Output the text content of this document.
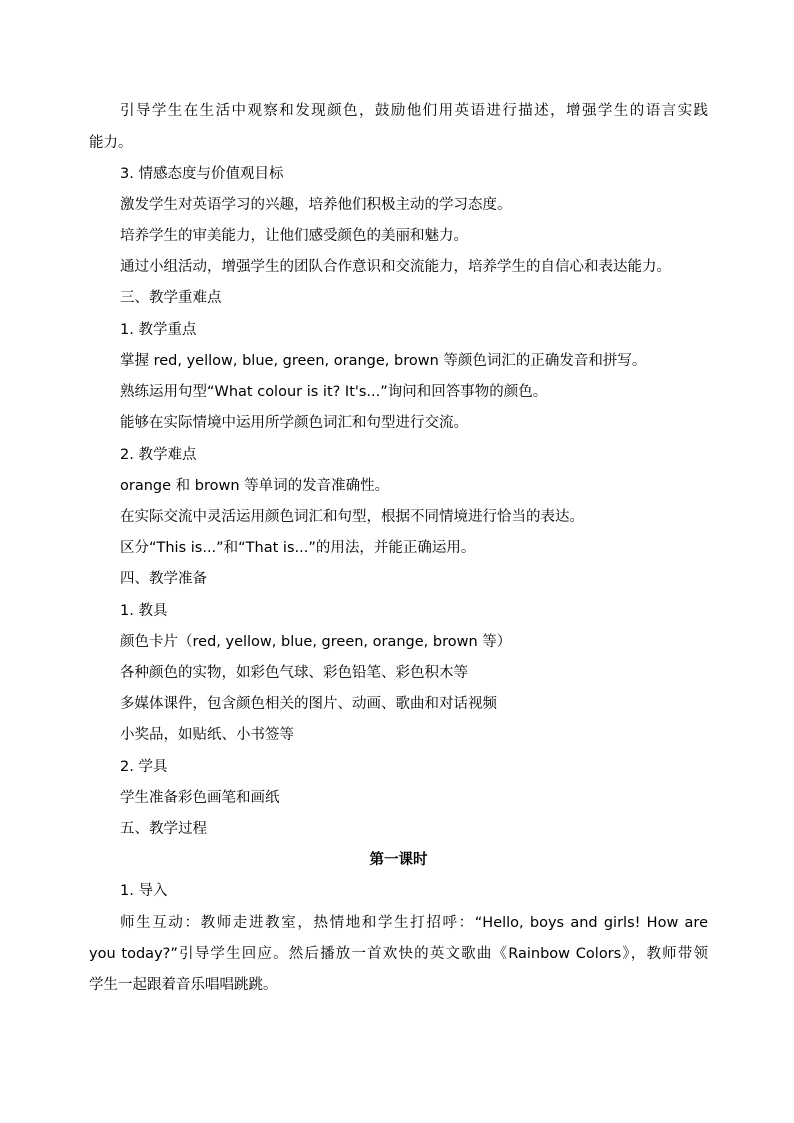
引导学生在生活中观察和发现颜色，鼓励他们用英语进行描述，增强学生的语言实践
能力。
3. 情感态度与价值观目标
激发学生对英语学习的兴趣，培养他们积极主动的学习态度。
培养学生的审美能力，让他们感受颜色的美丽和魅力。
通过小组活动，增强学生的团队合作意识和交流能力，培养学生的自信心和表达能力。
三、教学重难点
1. 教学重点
掌握 red, yellow, blue, green, orange, brown 等颜色词汇的正确发音和拼写。
熟练运用句型“What colour is it? It's...”询问和回答事物的颜色。
能够在实际情境中运用所学颜色词汇和句型进行交流。
2. 教学难点
orange 和 brown 等单词的发音准确性。
在实际交流中灵活运用颜色词汇和句型，根据不同情境进行恰当的表达。
区分“This is...”和“That is...”的用法，并能正确运用。
四、教学准备
1. 教具
颜色卡片（red, yellow, blue, green, orange, brown 等）
各种颜色的实物，如彩色气球、彩色铅笔、彩色积木等
多媒体课件，包含颜色相关的图片、动画、歌曲和对话视频
小奖品，如贴纸、小书签等
2. 学具
学生准备彩色画笔和画纸
五、教学过程
第一课时
1. 导入
师生互动：教师走进教室，热情地和学生打招呼：“Hello, boys and girls! How are
you today?”引导学生回应。然后播放一首欢快的英文歌曲《Rainbow Colors》，教师带领
学生一起跟着音乐唱唱跳跳。
